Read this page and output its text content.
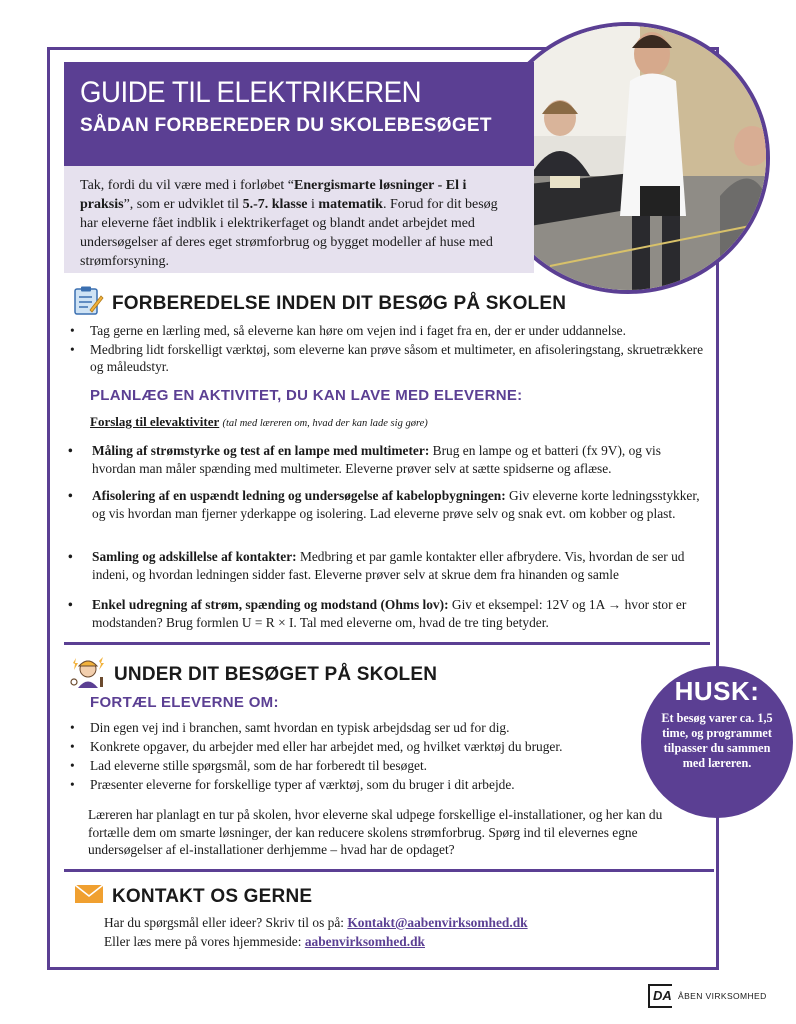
GUIDE TIL ELEKTRIKEREN
SÅDAN FORBEREDER DU SKOLEBESØGET
Tak, fordi du vil være med i forløbet “Energismarte løsninger - El i praksis”, som er udviklet til 5.-7. klasse i matematik. Forud for dit besøg har eleverne fået indblik i elektrikerfaget og blandt andet arbejdet med undersøgelser af deres eget strømforbrug og bygget modeller af huse med strømforsyning.
FORBEREDELSE INDEN DIT BESØG PÅ SKOLEN
• Tag gerne en lærling med, så eleverne kan høre om vejen ind i faget fra en, der er under uddannelse.
• Medbring lidt forskelligt værktøj, som eleverne kan prøve såsom et multimeter, en afisoleringstang, skruetrækkere og måleudstyr.
PLANLÆG EN AKTIVITET, DU KAN LAVE MED ELEVERNE:
Forslag til elevaktiviter (tal med læreren om, hvad der kan lade sig gøre)
• Måling af strømstyrke og test af en lampe med multimeter: Brug en lampe og et batteri (fx 9V), og vis hvordan man måler spænding med multimeter. Eleverne prøver selv at sætte spidserne og aflæse.
• Afisolering af en uspændt ledning og undersøgelse af kabelopbygningen: Giv eleverne korte ledningsstykker, og vis hvordan man fjerner yderkappe og isolering. Lad eleverne prøve selv og snak evt. om kobber og plast.
• Samling og adskillelse af kontakter: Medbring et par gamle kontakter eller afbrydere. Vis, hvordan de ser ud indeni, og hvordan ledningen sidder fast. Eleverne prøver selv at skrue dem fra hinanden og samle
• Enkel udregning af strøm, spænding og modstand (Ohms lov): Giv et eksempel: 12V og 1A → hvor stor er modstanden? Brug formlen U = R × I. Tal med eleverne om, hvad de tre ting betyder.
UNDER DIT BESØGET PÅ SKOLEN
FORTÆL ELEVERNE OM:
• Din egen vej ind i branchen, samt hvordan en typisk arbejdsdag ser ud for dig.
• Konkrete opgaver, du arbejder med eller har arbejdet med, og hvilket værktøj du bruger.
• Lad eleverne stille spørgsmål, som de har forberedt til besøget.
• Præsenter eleverne for forskellige typer af værktøj, som du bruger i dit arbejde.
Læreren har planlagt en tur på skolen, hvor eleverne skal udpege forskellige el-installationer, og her kan du fortælle dem om smarte løsninger, der kan reducere skolens strømforbrug. Spørg ind til elevernes egne undersøgelser af el-installationer derhjemme – hvad har de opdaget?
HUSK:
Et besøg varer ca. 1,5 time, og programmet tilpasser du sammen med læreren.
KONTAKT OS GERNE
Har du spørgsmål eller ideer? Skriv til os på: Kontakt@aabenvirksomhed.dk
Eller læs mere på vores hjemmeside: aabenvirksomhed.dk
DA ÅBEN VIRKSOMHED
